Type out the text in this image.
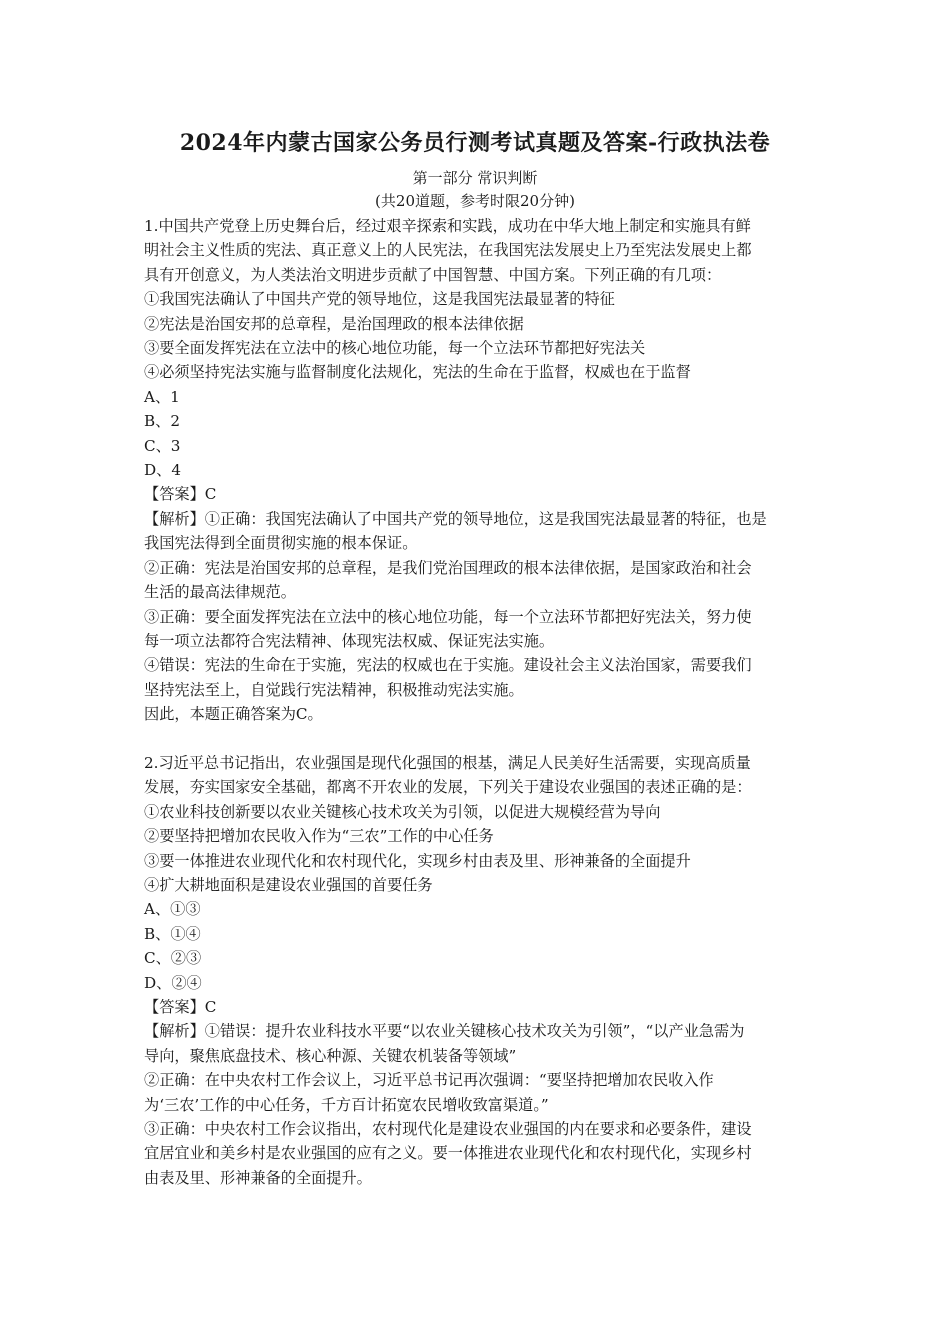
2024年内蒙古国家公务员行测考试真题及答案-行政执法卷
第一部分 常识判断
(共20道题，参考时限20分钟)

1.中国共产党登上历史舞台后，经过艰辛探索和实践，成功在中华大地上制定和实施具有鲜

明社会主义性质的宪法、真正意义上的人民宪法，在我国宪法发展史上乃至宪法发展史上都

具有开创意义，为人类法治文明进步贡献了中国智慧、中国方案。下列正确的有几项：

①我国宪法确认了中国共产党的领导地位，这是我国宪法最显著的特征

②宪法是治国安邦的总章程，是治国理政的根本法律依据

③要全面发挥宪法在立法中的核心地位功能，每一个立法环节都把好宪法关

④必须坚持宪法实施与监督制度化法规化，宪法的生命在于监督，权威也在于监督

A、1

B、2

C、3

D、4

【答案】C

【解析】①正确：我国宪法确认了中国共产党的领导地位，这是我国宪法最显著的特征，也是

我国宪法得到全面贯彻实施的根本保证。

②正确：宪法是治国安邦的总章程，是我们党治国理政的根本法律依据，是国家政治和社会

生活的最高法律规范。

③正确：要全面发挥宪法在立法中的核心地位功能，每一个立法环节都把好宪法关，努力使

每一项立法都符合宪法精神、体现宪法权威、保证宪法实施。

④错误：宪法的生命在于实施，宪法的权威也在于实施。建设社会主义法治国家，需要我们

坚持宪法至上，自觉践行宪法精神，积极推动宪法实施。

因此，本题正确答案为C。

2.习近平总书记指出，农业强国是现代化强国的根基，满足人民美好生活需要，实现高质量

发展，夯实国家安全基础，都离不开农业的发展，下列关于建设农业强国的表述正确的是：

①农业科技创新要以农业关键核心技术攻关为引领，以促进大规模经营为导向

②要坚持把增加农民收入作为“三农”工作的中心任务

③要一体推进农业现代化和农村现代化，实现乡村由表及里、形神兼备的全面提升

④扩大耕地面积是建设农业强国的首要任务

A、①③

B、①④

C、②③

D、②④

【答案】C

【解析】①错误：提升农业科技水平要“以农业关键核心技术攻关为引领”，“以产业急需为

导向，聚焦底盘技术、核心种源、关键农机装备等领域”

②正确：在中央农村工作会议上，习近平总书记再次强调：“要坚持把增加农民收入作

为‘三农’工作的中心任务，千方百计拓宽农民增收致富渠道。”

③正确：中央农村工作会议指出，农村现代化是建设农业强国的内在要求和必要条件，建设

宜居宜业和美乡村是农业强国的应有之义。要一体推进农业现代化和农村现代化，实现乡村

由表及里、形神兼备的全面提升。
